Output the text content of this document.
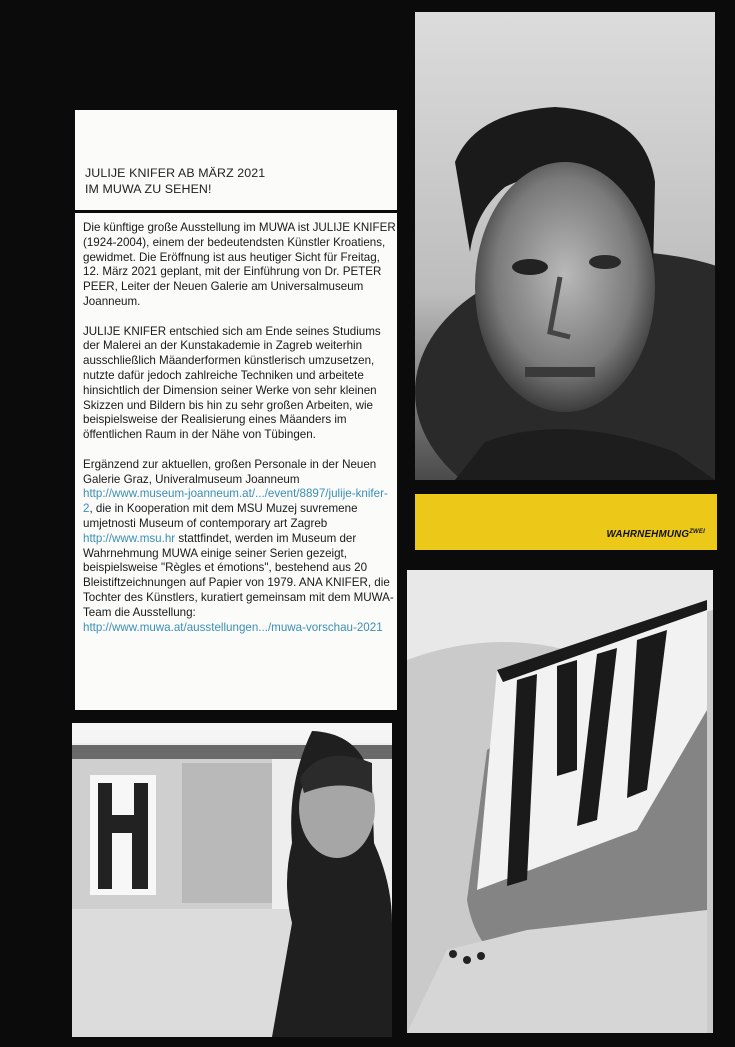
JULIJE KNIFER AB MÄRZ 2021
IM MUWA ZU SEHEN!

Die künftige große Ausstellung im MUWA ist JULIJE KNIFER (1924-2004), einem der bedeutendsten Künstler Kroatiens, gewidmet. Die Eröffnung ist aus heutiger Sicht für Freitag, 12. März 2021 geplant, mit der Einführung von Dr. PETER PEER, Leiter der Neuen Galerie am Universalmuseum Joanneum.

JULIJE KNIFER entschied sich am Ende seines Studiums der Malerei an der Kunstakademie in Zagreb weiterhin ausschließlich Mäanderformen künstlerisch umzusetzen, nutzte dafür jedoch zahlreiche Techniken und arbeitete hinsichtlich der Dimension seiner Werke von sehr kleinen Skizzen und Bildern bis hin zu sehr großen Arbeiten, wie beispielsweise der Realisierung eines Mäanders im öffentlichen Raum in der Nähe von Tübingen.

Ergänzend zur aktuellen, großen Personale in der Neuen Galerie Graz, Univeralmuseum Joanneum http://www.museum-joanneum.at/.../event/8897/julije-knifer-2, die in Kooperation mit dem MSU Muzej suvremene umjetnosti Museum of contemporary art Zagreb http://www.msu.hr stattfindet, werden im Museum der Wahrnehmung MUWA einige seiner Serien gezeigt, beispielsweise "Règles et émotions", bestehend aus 20 Bleistiftzeichnungen auf Papier von 1979. ANA KNIFER, die Tochter des Künstlers, kuratiert gemeinsam mit dem MUWA-Team die Ausstellung: http://www.muwa.at/ausstellungen.../muwa-vorschau-2021

$WAHRNEHMUNG^{ZWEI}$
